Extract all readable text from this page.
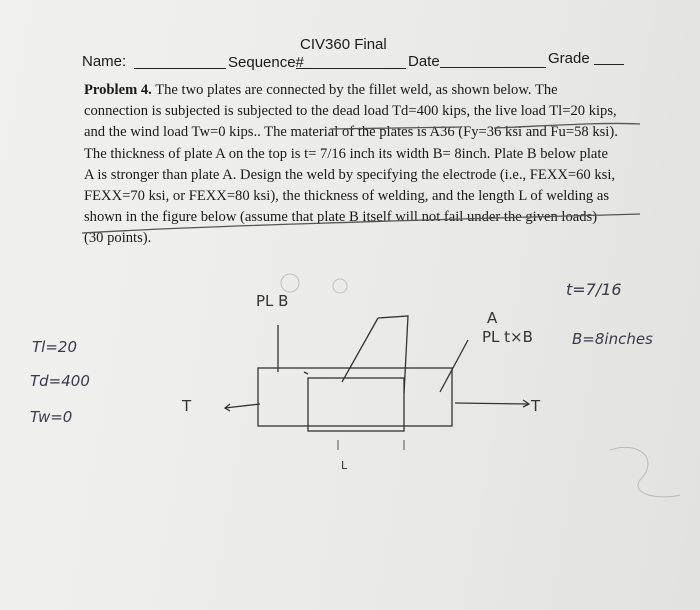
CIV360 Final
Name:	Sequence#	Date	Grade
Problem 4. The two plates are connected by the fillet weld, as shown below. The
connection is subjected is subjected to the dead load Td=400 kips, the live load Tl=20 kips,
and the wind load Tw=0 kips.. The material of the plates is A36 (Fy=36 ksi and Fu=58 ksi).
The thickness of plate A on the top is t= 7/16 inch its width B= 8inch. Plate B below plate
A is stronger than plate A. Design the weld by specifying the electrode (i.e., FEXX=60 ksi,
FEXX=70 ksi, or FEXX=80 ksi), the thickness of welding, and the length L of welding as
shown in the figure below (assume that plate B itself will not fail under the given loads)
(30 points).
PL B
A
PL t×B	B=8inches
t=7/16
T	T
L
Tl=20
Td=400
Tw=0
